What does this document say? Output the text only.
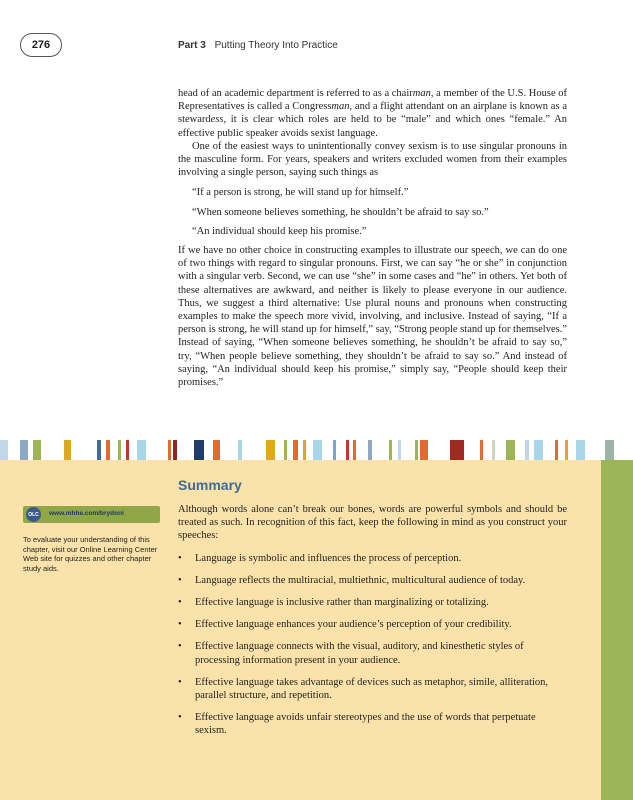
276	Part 3 Putting Theory Into Practice

head of an academic department is referred to as a chairman, a member of the U.S. House of Representatives is called a Congressman, and a flight attendant on an airplane is known as a stewardess, it is clear which roles are held to be “male” and which ones “female.” An effective public speaker avoids sexist language.

One of the easiest ways to unintentionally convey sexism is to use singular pronouns in the masculine form. For years, speakers and writers excluded women from their examples involving a single person, saying such things as

“If a person is strong, he will stand up for himself.”
“When someone believes something, he shouldn’t be afraid to say so.”
“An individual should keep his promise.”

If we have no other choice in constructing examples to illustrate our speech, we can do one of two things with regard to singular pronouns. First, we can say “he or she” in conjunction with a singular verb. Second, we can use “she” in some cases and “he” in others. Yet both of these alternatives are awkward, and neither is likely to please everyone in our audience. Thus, we suggest a third alternative: Use plural nouns and pronouns when constructing examples to make the speech more vivid, involving, and inclusive. Instead of saying, “If a person is strong, he will stand up for himself,” say, “Strong people stand up for themselves.” Instead of saying, “When someone believes something, he shouldn’t be afraid to say so,” try, “When people believe something, they shouldn’t be afraid to say so.” And instead of saying, “An individual should keep his promise,” simply say, “People should keep their promises.”

Summary
OLC	www.mhhe.com/brydoni
To evaluate your understanding of this chapter, visit our Online Learning Center Web site for quizzes and other chapter study aids.

Although words alone can’t break our bones, words are powerful symbols and should be treated as such. In recognition of this fact, keep the following in mind as you construct your speeches:

• Language is symbolic and influences the process of perception.
• Language reflects the multiracial, multiethnic, multicultural audience of today.
• Effective language is inclusive rather than marginalizing or totalizing.
• Effective language enhances your audience’s perception of your credibility.
• Effective language connects with the visual, auditory, and kinesthetic styles of processing information present in your audience.
• Effective language takes advantage of devices such as metaphor, simile, alliteration, parallel structure, and repetition.
• Effective language avoids unfair stereotypes and the use of words that perpetuate sexism.
